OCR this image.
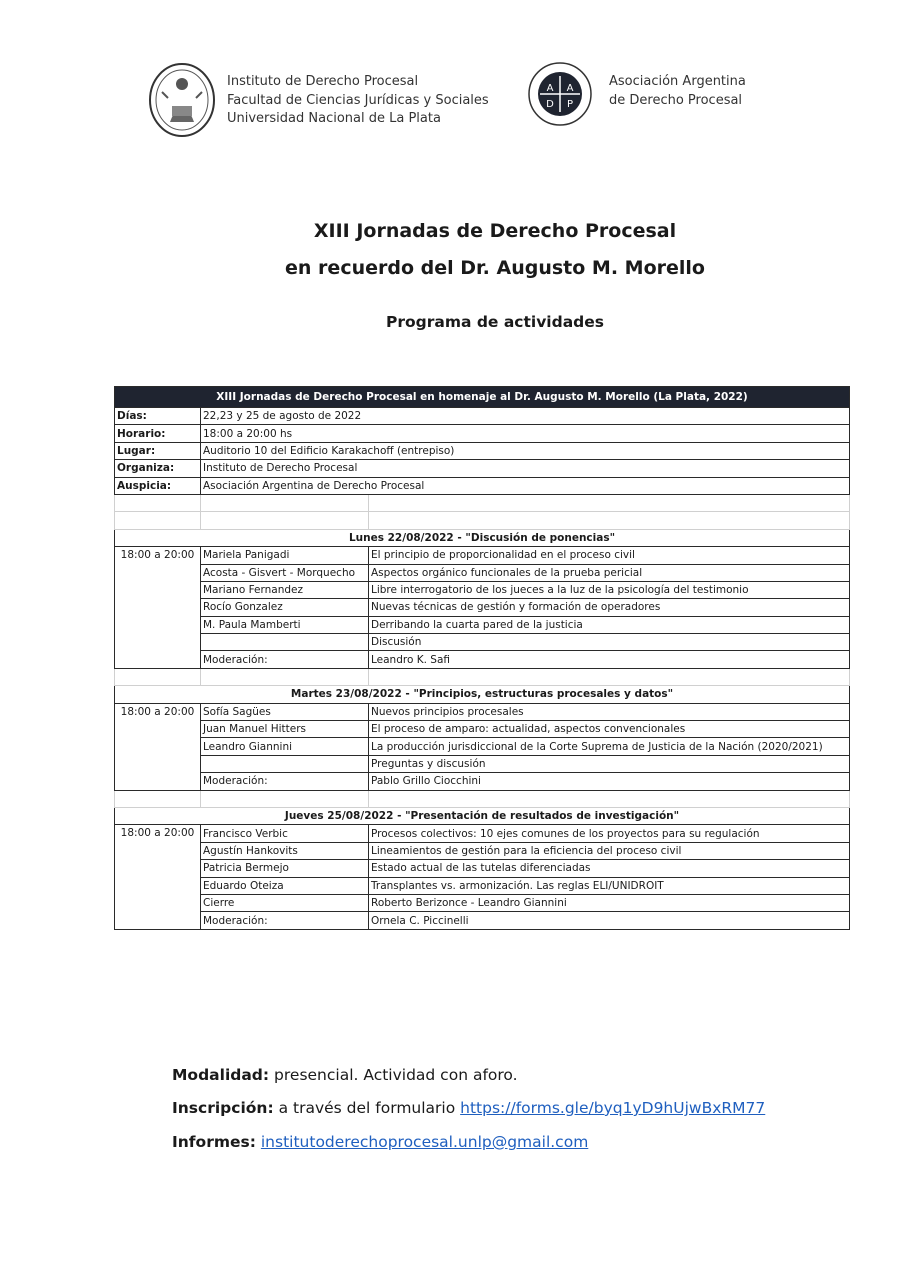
Instituto de Derecho Procesal
Facultad de Ciencias Jurídicas y Sociales
Universidad Nacional de La Plata
A A
D P
Asociación Argentina
de Derecho Procesal
XIII Jornadas de Derecho Procesal
en recuerdo del Dr. Augusto M. Morello
Programa de actividades
XIII Jornadas de Derecho Procesal en homenaje al Dr. Augusto M. Morello (La Plata, 2022)		
Días:	22,23 y 25 de agosto de 2022	
Horario:	18:00 a 20:00 hs	
Lugar:	Auditorio 10 del Edificio Karakachoff (entrepiso)	
Organiza:	Instituto de Derecho Procesal	
Auspicia:	Asociación Argentina de Derecho Procesal	

Lunes 22/08/2022 - "Discusión de ponencias"		
18:00 a 20:00	Mariela Panigadi	El principio de proporcionalidad en el proceso civil
	Acosta - Gisvert - Morquecho	Aspectos orgánico funcionales de la prueba pericial
	Mariano Fernandez	Libre interrogatorio de los jueces a la luz de la psicología del testimonio
	Rocío Gonzalez	Nuevas técnicas de gestión y formación de operadores
	M. Paula Mamberti	Derribando la cuarta pared de la justicia
		Discusión
	Moderación:	Leandro K. Safi

Martes 23/08/2022 - "Principios, estructuras procesales y datos"		
18:00 a 20:00	Sofía Sagües	Nuevos principios procesales
	Juan Manuel Hitters	El proceso de amparo: actualidad, aspectos convencionales
	Leandro Giannini	La producción jurisdiccional de la Corte Suprema de Justicia de la Nación (2020/2021)
		Preguntas y discusión
	Moderación:	Pablo Grillo Ciocchini

Jueves 25/08/2022 - "Presentación de resultados de investigación"		
18:00 a 20:00	Francisco Verbic	Procesos colectivos: 10 ejes comunes de los proyectos para su regulación
	Agustín Hankovits	Lineamientos de gestión para la eficiencia del proceso civil
	Patricia Bermejo	Estado actual de las tutelas diferenciadas
	Eduardo Oteiza	Transplantes vs. armonización. Las reglas ELI/UNIDROIT
	Cierre	Roberto Berizonce - Leandro Giannini
	Moderación:	Ornela C. Piccinelli
Modalidad: presencial. Actividad con aforo.
Inscripción: a través del formulario https://forms.gle/byq1yD9hUjwBxRM77
Informes: institutoderechoprocesal.unlp@gmail.com
